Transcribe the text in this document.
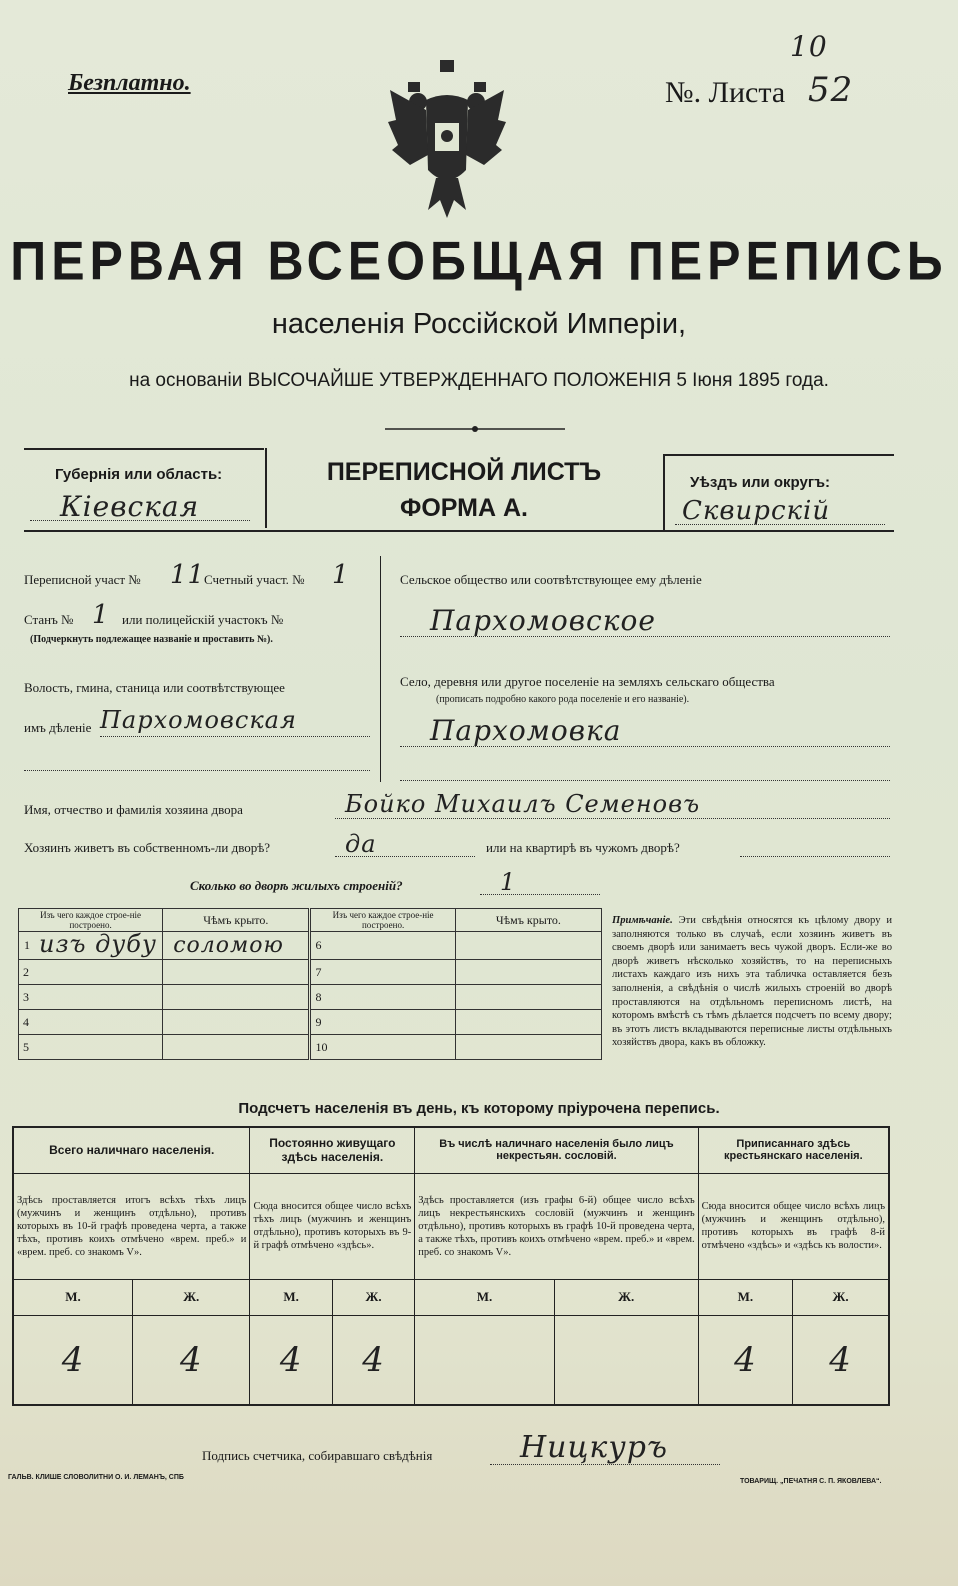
Безплатно.	№. Листа 52
10
ПЕРВАЯ ВСЕОБЩАЯ ПЕРЕПИСЬ
населенія Россійской Имперіи,
на основаніи ВЫСОЧАЙШЕ УТВЕРЖДЕННАГО ПОЛОЖЕНІЯ 5 Іюня 1895 года.
Губернія или область:
Кіевская
ПЕРЕПИСНОЙ ЛИСТЪ
ФОРМА А.
Уѣздъ или округъ:
Сквирскій
Переписной участ № 11
Счетный участ. № 1
Станъ № 1 или полицейскій участокъ №
(Подчеркнуть подлежащее названіе и проставить №).
Волость, гмина, станица или соотвѣтствующее
имъ дѣленіе Пархомовская
Сельское общество или соотвѣтствующее ему дѣленіе
Пархомовское
Село, деревня или другое поселеніе на земляхъ сельскаго общества
(прописать подробно какого рода поселеніе и его названіе).
Пархомовка
Имя, отчество и фамилія хозяина двора	Бойко Михаилъ Семеновъ
Хозяинъ живетъ въ собственномъ-ли дворѣ?	да	или на квартирѣ въ чужомъ дворѣ?
Сколько во дворѣ жилыхъ строеній?	1
Изъ чего каждое строе-ніе построено.	Чѣмъ крыто.	Изъ чего каждое строе-ніе построено.	Чѣмъ крыто.
1 изъ дубу	соломою	6	
2		7	
3		8	
4		9	
5		10	
Примѣчаніе. Эти свѣдѣнія относятся къ цѣлому двору и заполняются только въ случаѣ, если хозяинъ живетъ въ своемъ дворѣ или занимаетъ весь чужой дворъ. Если-же во дворѣ живетъ нѣсколько хозяйствъ, то на переписныхъ листахъ каждаго изъ нихъ эта табличка оставляется безъ заполненія, а свѣдѣнія о числѣ жилыхъ строеній во дворѣ проставляются на отдѣльномъ переписномъ листѣ, на которомъ вмѣстѣ съ тѣмъ дѣлается подсчетъ по всему двору; въ этотъ листъ вкладываются переписные листы отдѣльныхъ хозяйствъ двора, какъ въ обложку.
Подсчетъ населенія въ день, къ которому пріурочена перепись.
Всего наличнаго населенія.		Постоянно живущаго здѣсь населенія.		Въ числѣ наличнаго населенія было лицъ некрестьян. сословій.		Приписаннаго здѣсь крестьянскаго населенія.	
Здѣсь проставляется итогъ всѣхъ тѣхъ лицъ (мужчинъ и женщинъ отдѣльно), противъ которыхъ въ 10-й графѣ проведена черта, а также тѣхъ, противъ коихъ отмѣчено «врем. преб.» и «врем. преб. со знакомъ V».		Сюда вносится общее число всѣхъ тѣхъ лицъ (мужчинъ и женщинъ отдѣльно), противъ которыхъ въ 9-й графѣ отмѣчено «здѣсь».		Здѣсь проставляется (изъ графы 6-й) общее число всѣхъ лицъ некрестьянскихъ сословій (мужчинъ и женщинъ отдѣльно), противъ которыхъ въ графѣ 10-й проведена черта, а также тѣхъ, противъ коихъ отмѣчено «врем. преб.» и «врем. преб. со знакомъ V».		Сюда вносится общее число всѣхъ лицъ (мужчинъ и женщинъ отдѣльно), противъ которыхъ въ графѣ 8-й отмѣчено «здѣсь» и «здѣсь къ волости».	
М.	Ж.	М.	Ж.	М.	Ж.	М.	Ж.
4	4	4	4			4	4
Подпись счетчика, собиравшаго свѣдѣнія	Ницкуръ
ГАЛЬВ. КЛИШЕ СЛОВОЛИТНИ О. И. ЛЕМАНЪ, СПБ
ТОВАРИЩ. „ПЕЧАТНЯ С. П. ЯКОВЛЕВА“.
